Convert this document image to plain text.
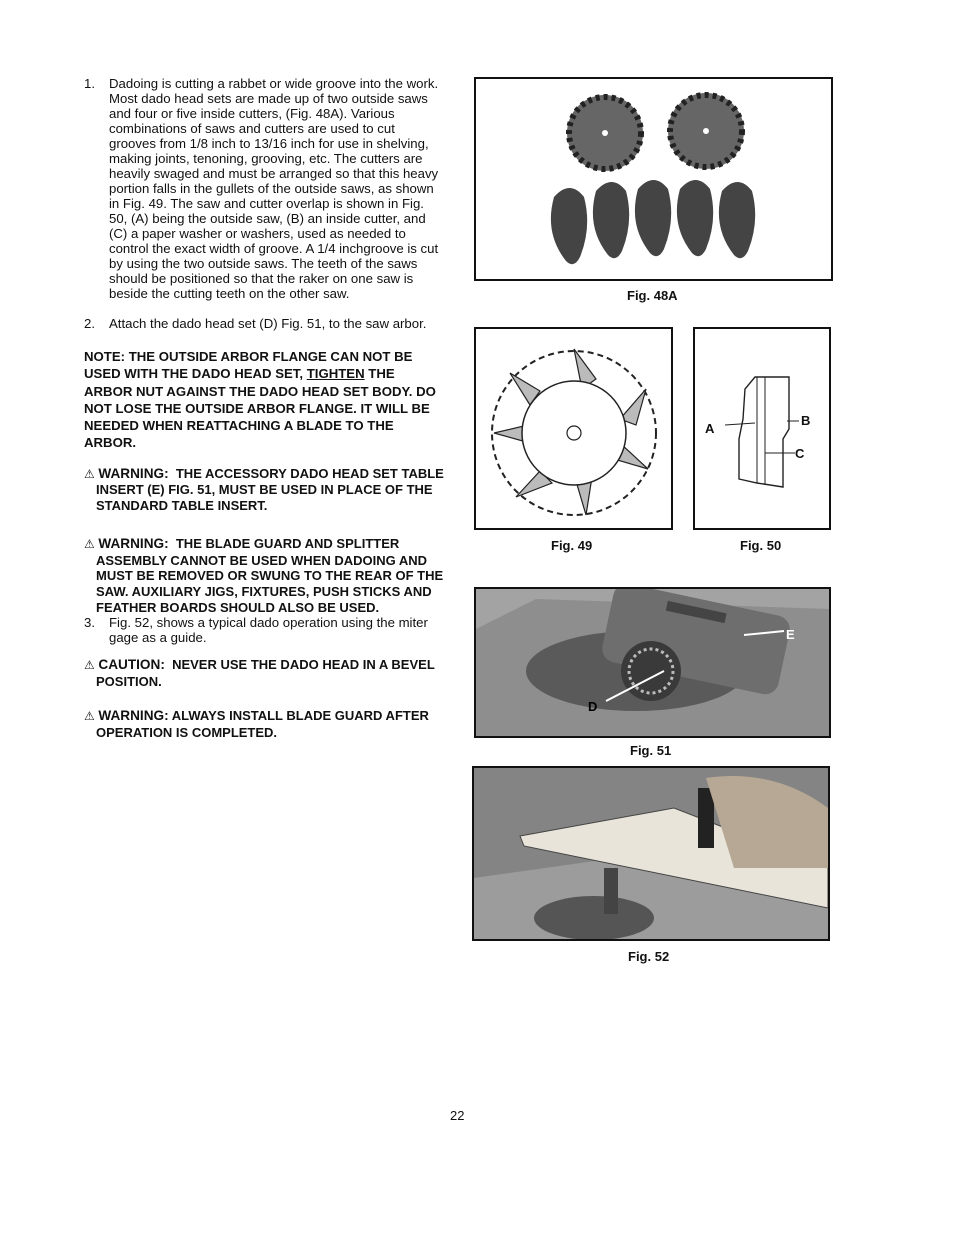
1.	Dadoing is cutting a rabbet or wide groove into the work. Most dado head sets are made up of two outside saws and four or five inside cutters, (Fig. 48A). Various combinations of saws and cutters are used to cut grooves from 1/8 inch to 13/16 inch for use in shelving, making joints, tenoning, grooving, etc. The cutters are heavily swaged and must be arranged so that this heavy portion falls in the gullets of the outside saws, as shown in Fig. 49. The saw and cutter overlap is shown in Fig. 50, (A) being the outside saw, (B) an inside cutter, and (C) a paper washer or washers, used as needed to control the exact width of groove. A 1/4 inchgroove is cut by using the two outside saws. The teeth of the saws should be positioned so that the raker on one saw is beside the cutting teeth on the other saw.
2.	Attach the dado head set (D) Fig. 51, to the saw arbor.

NOTE: THE OUTSIDE ARBOR FLANGE CAN NOT BE USED WITH THE DADO HEAD SET, TIGHTEN THE ARBOR NUT AGAINST THE DADO HEAD SET BODY. DO NOT LOSE THE OUTSIDE ARBOR FLANGE. IT WILL BE NEEDED WHEN REATTACHING A BLADE TO THE ARBOR.

⚠ WARNING: THE ACCESSORY DADO HEAD SET TABLE INSERT (E) FIG. 51, MUST BE USED IN PLACE OF THE STANDARD TABLE INSERT.
⚠ WARNING: THE BLADE GUARD AND SPLITTER ASSEMBLY CANNOT BE USED WHEN DADOING AND MUST BE REMOVED OR SWUNG TO THE REAR OF THE SAW. AUXILIARY JIGS, FIXTURES, PUSH STICKS AND FEATHER BOARDS SHOULD ALSO BE USED.
3.	Fig. 52, shows a typical dado operation using the miter gage as a guide.
⚠ CAUTION: NEVER USE THE DADO HEAD IN A BEVEL POSITION.
⚠ WARNING: ALWAYS INSTALL BLADE GUARD AFTER OPERATION IS COMPLETED.
Fig. 48A
Fig. 49
A
B
C
Fig. 50
E
D
Fig. 51
Fig. 52
22
